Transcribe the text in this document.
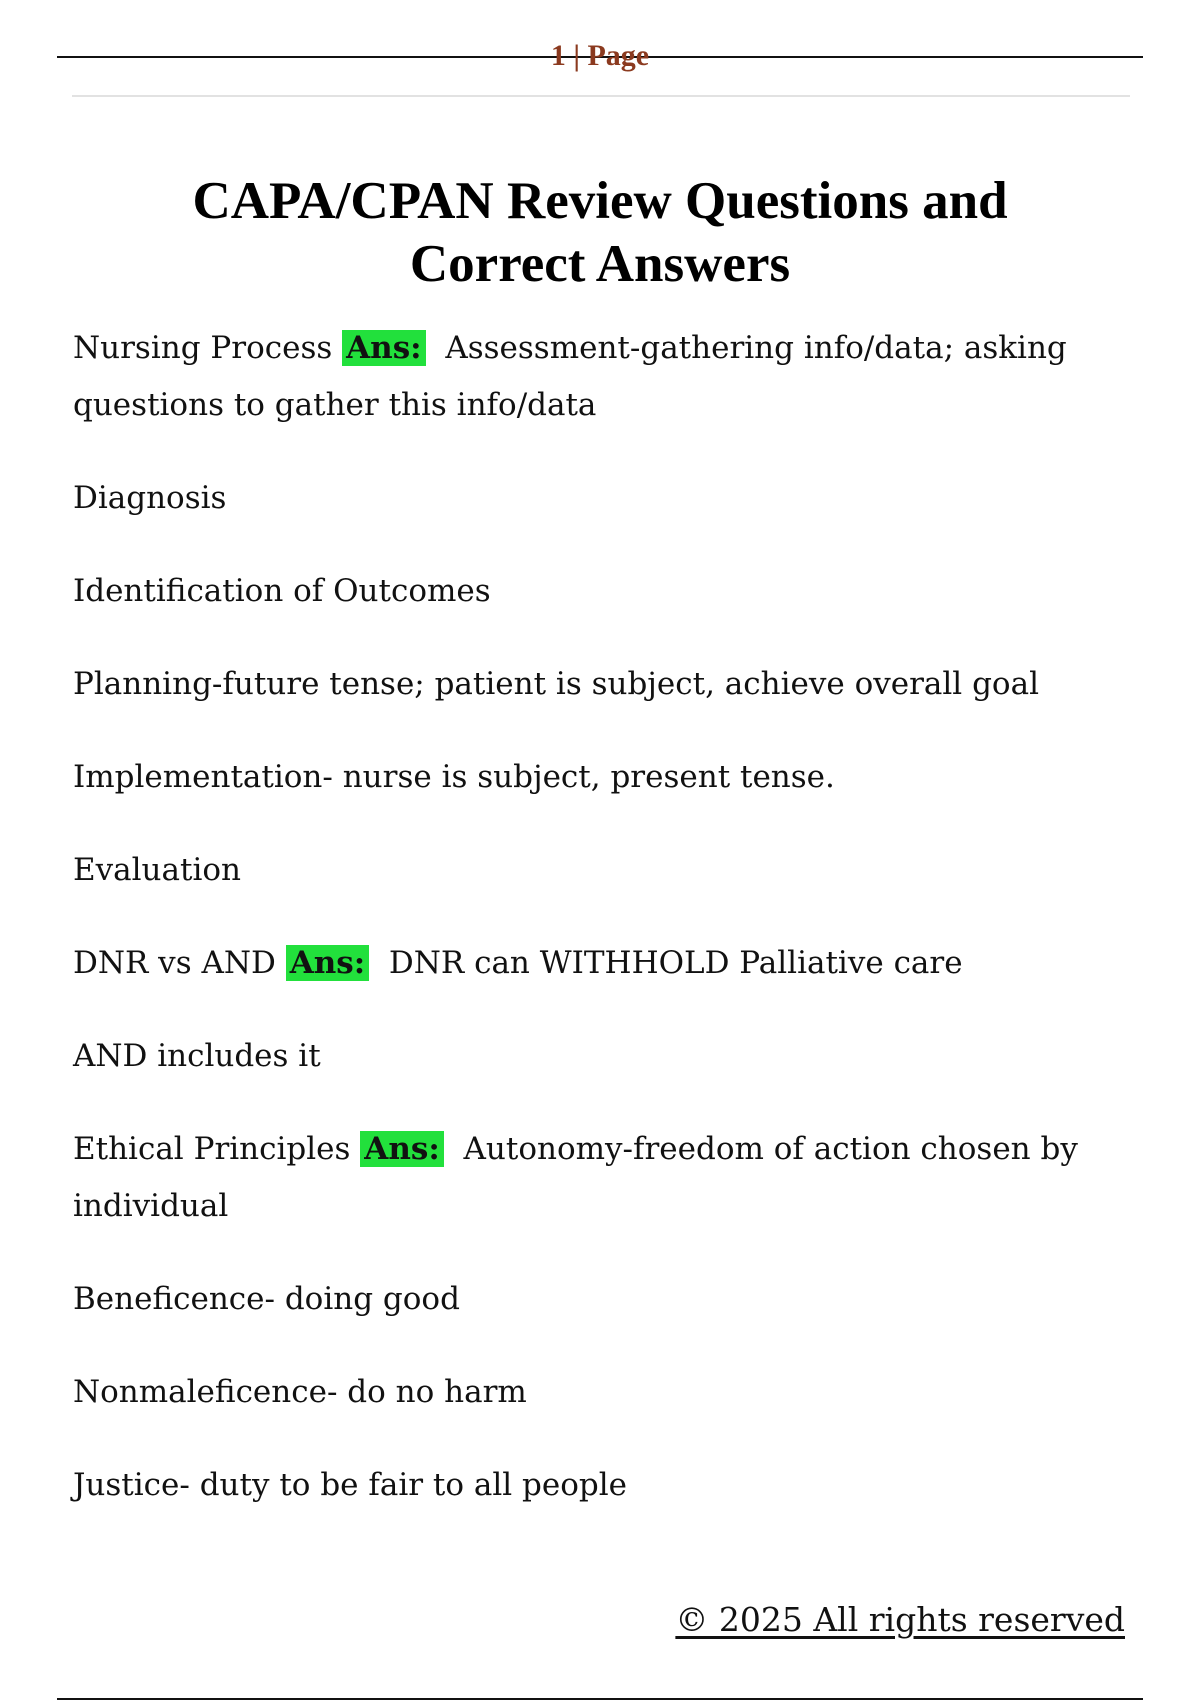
1 | Page
CAPA/CPAN Review Questions and Correct Answers

Nursing Process Ans: Assessment-gathering info/data; asking questions to gather this info/data

Diagnosis

Identification of Outcomes

Planning-future tense; patient is subject, achieve overall goal

Implementation- nurse is subject, present tense.

Evaluation

DNR vs AND Ans: DNR can WITHHOLD Palliative care

AND includes it

Ethical Principles Ans: Autonomy-freedom of action chosen by individual

Beneficence- doing good

Nonmaleficence- do no harm

Justice- duty to be fair to all people

© 2025 All rights reserved
